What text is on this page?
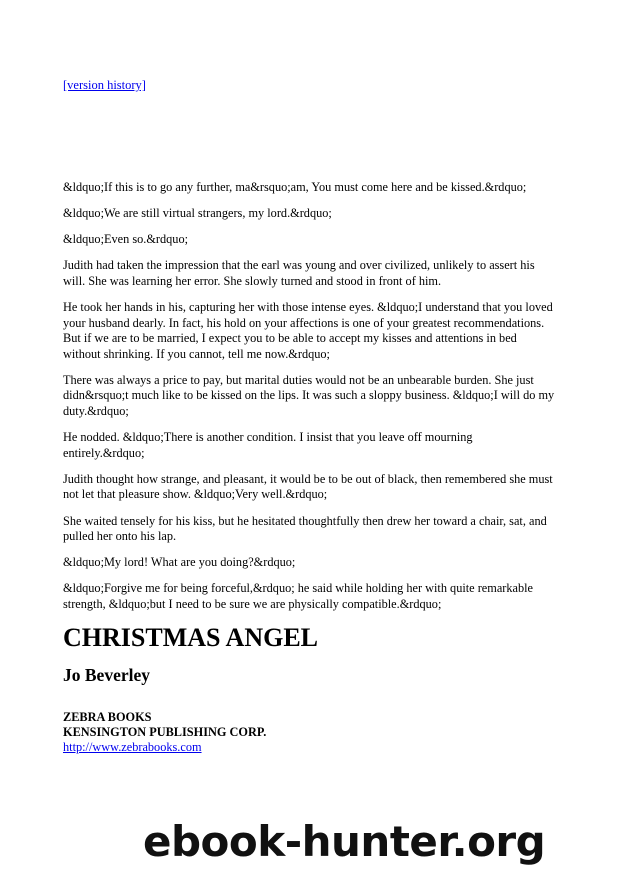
[version history]

&ldquo;If this is to go any further, ma&rsquo;am, You must come here and be kissed.&rdquo;

&ldquo;We are still virtual strangers, my lord.&rdquo;

&ldquo;Even so.&rdquo;

Judith had taken the impression that the earl was young and over civilized, unlikely to assert his will. She was learning her error. She slowly turned and stood in front of him.

He took her hands in his, capturing her with those intense eyes. &ldquo;I understand that you loved your husband dearly. In fact, his hold on your affections is one of your greatest recommendations. But if we are to be married, I expect you to be able to accept my kisses and attentions in bed without shrinking. If you cannot, tell me now.&rdquo;

There was always a price to pay, but marital duties would not be an unbearable burden. She just didn&rsquo;t much like to be kissed on the lips. It was such a sloppy business. &ldquo;I will do my duty.&rdquo;

He nodded. &ldquo;There is another condition. I insist that you leave off mourning entirely.&rdquo;

Judith thought how strange, and pleasant, it would be to be out of black, then remembered she must not let that pleasure show. &ldquo;Very well.&rdquo;

She waited tensely for his kiss, but he hesitated thoughtfully then drew her toward a chair, sat, and pulled her onto his lap.

&ldquo;My lord! What are you doing?&rdquo;

&ldquo;Forgive me for being forceful,&rdquo; he said while holding her with quite remarkable strength, &ldquo;but I need to be sure we are physically compatible.&rdquo;

CHRISTMAS ANGEL
Jo Beverley
ZEBRA BOOKS
KENSINGTON PUBLISHING CORP.
http://www.zebrabooks.com
ebook-hunter.org
